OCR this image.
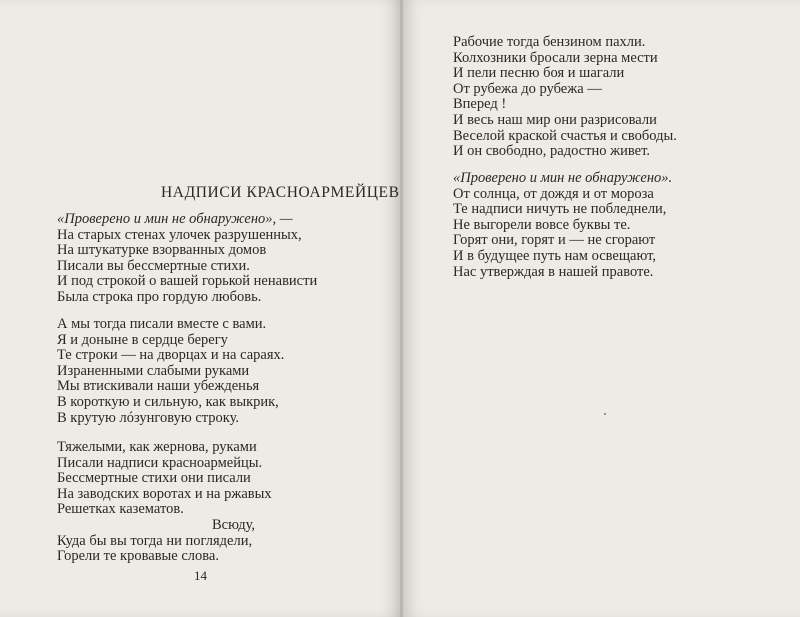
НАДПИСИ КРАСНОАРМЕЙЦЕВ
«Проверено и мин не обнаружено», —
На старых стенах улочек разрушенных,
На штукатурке взорванных домов
Писали вы бессмертные стихи.
И под строкой о вашей горькой ненависти
Была строка про гордую любовь.
А мы тогда писали вместе с вами.
Я и доныне в сердце берегу
Те строки — на дворцах и на сараях.
Израненными слабыми руками
Мы втискивали наши убежденья
В короткую и сильную, как выкрик,
В крутую лóзунговую строку.
Тяжелыми, как жернова, руками
Писали надписи красноармейцы.
Бессмертные стихи они писали
На заводских воротах и на ржавых
Решетках казематов.
Всюду,
Куда бы вы тогда ни поглядели,
Горели те кровавые слова.
14
Рабочие тогда бензином пахли.
Колхозники бросали зерна мести
И пели песню боя и шагали
От рубежа до рубежа —
Вперед !
И весь наш мир они разрисовали
Веселой краской счастья и свободы.
И он свободно, радостно живет.
«Проверено и мин не обнаружено».
От солнца, от дождя и от мороза
Те надписи ничуть не побледнели,
Не выгорели вовсе буквы те.
Горят они, горят и — не сгорают
И в будущее путь нам освещают,
Нас утверждая в нашей правоте.
